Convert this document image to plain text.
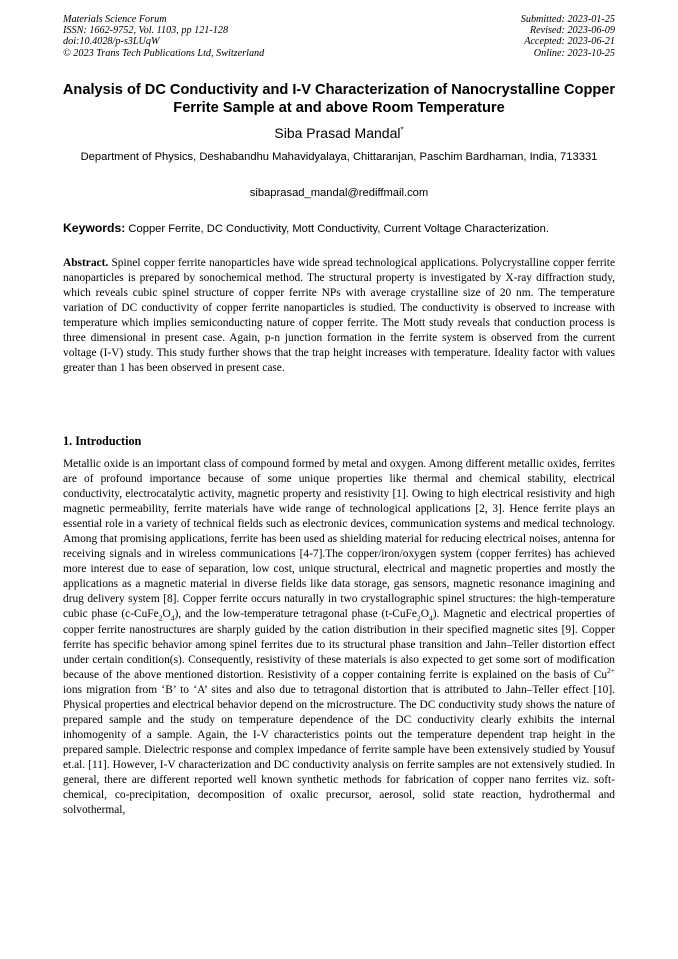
Materials Science Forum
ISSN: 1662-9752, Vol. 1103, pp 121-128
doi:10.4028/p-s3LUqW
© 2023 Trans Tech Publications Ltd, Switzerland
Submitted: 2023-01-25
Revised: 2023-06-09
Accepted: 2023-06-21
Online: 2023-10-25
Analysis of DC Conductivity and I-V Characterization of Nanocrystalline Copper Ferrite Sample at and above Room Temperature
Siba Prasad Mandal*
Department of Physics, Deshabandhu Mahavidyalaya, Chittaranjan, Paschim Bardhaman, India, 713331
sibaprasad_mandal@rediffmail.com
Keywords: Copper Ferrite, DC Conductivity, Mott Conductivity, Current Voltage Characterization.

Abstract. Spinel copper ferrite nanoparticles have wide spread technological applications. Polycrystalline copper ferrite nanoparticles is prepared by sonochemical method. The structural property is investigated by X-ray diffraction study, which reveals cubic spinel structure of copper ferrite NPs with average crystalline size of 20 nm. The temperature variation of DC conductivity of copper ferrite nanoparticles is studied. The conductivity is observed to increase with temperature which implies semiconducting nature of copper ferrite. The Mott study reveals that conduction process is three dimensional in present case. Again, p-n junction formation in the ferrite system is observed from the current voltage (I-V) study. This study further shows that the trap height increases with temperature. Ideality factor with values greater than 1 has been observed in present case.

1. Introduction

Metallic oxide is an important class of compound formed by metal and oxygen. Among different metallic oxides, ferrites are of profound importance because of some unique properties like thermal and chemical stability, electrical conductivity, electrocatalytic activity, magnetic property and resistivity [1]. Owing to high electrical resistivity and high magnetic permeability, ferrite materials have wide range of technological applications [2, 3]. Hence ferrite plays an essential role in a variety of technical fields such as electronic devices, communication systems and medical technology. Among that promising applications, ferrite has been used as shielding material for reducing electrical noises, antenna for receiving signals and in wireless communications [4-7].The copper/iron/oxygen system (copper ferrites) has achieved more interest due to ease of separation, low cost, unique structural, electrical and magnetic properties and mostly the applications as a magnetic material in diverse fields like data storage, gas sensors, magnetic resonance imagining and drug delivery system [8]. Copper ferrite occurs naturally in two crystallographic spinel structures: the high-temperature cubic phase $(c-CuFe_2O_4)$, and the low-temperature tetragonal phase $(t-CuFe_2O_4)$. Magnetic and electrical properties of copper ferrite nanostructures are sharply guided by the cation distribution in their specified magnetic sites [9]. Copper ferrite has specific behavior among spinel ferrites due to its structural phase transition and Jahn–Teller distortion effect under certain condition(s). Consequently, resistivity of these materials is also expected to get some sort of modification because of the above mentioned distortion. Resistivity of a copper containing ferrite is explained on the basis of $Cu^{2+}$ ions migration from ‘B’ to ‘A’ sites and also due to tetragonal distortion that is attributed to Jahn–Teller effect [10]. Physical properties and electrical behavior depend on the microstructure. The DC conductivity study shows the nature of prepared sample and the study on temperature dependence of the DC conductivity clearly exhibits the internal inhomogenity of a sample. Again, the I-V characteristics points out the temperature dependent trap height in the prepared sample. Dielectric response and complex impedance of ferrite sample have been extensively studied by Yousuf et.al. [11]. However, I-V characterization and DC conductivity analysis on ferrite samples are not extensively studied. In general, there are different reported well known synthetic methods for fabrication of copper nano ferrites viz. soft-chemical, co-precipitation, decomposition of oxalic precursor, aerosol, solid state reaction, hydrothermal and solvothermal,
